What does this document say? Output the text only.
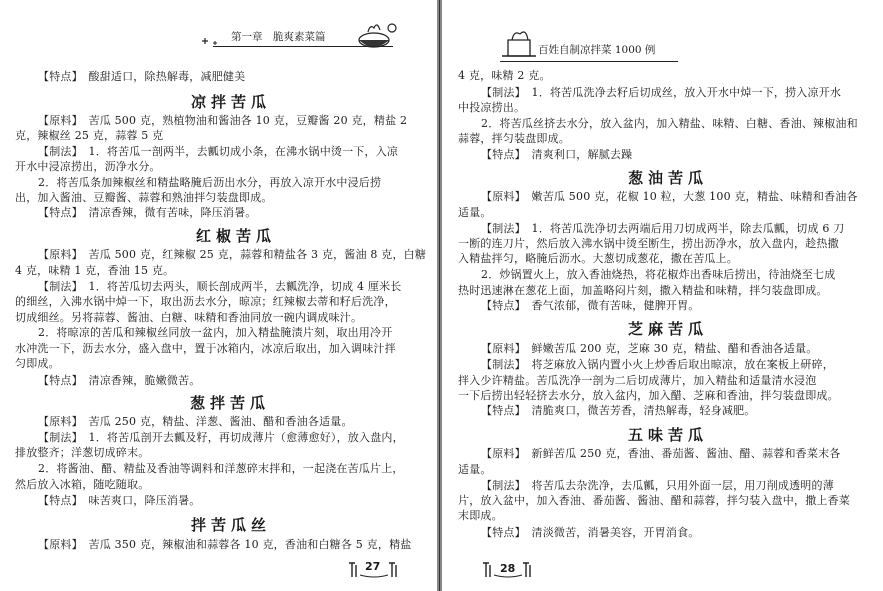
第一章　脆爽素菜篇
【特点】　酸甜适口，除热解毒，减肥健美
凉拌苦瓜
【原料】　苦瓜 500 克，熟植物油和酱油各 10 克，豆瓣酱 20 克，精盐 2
克，辣椒丝 25 克，蒜蓉 5 克
【制法】　1．将苦瓜一剖两半，去瓤切成小条，在沸水锅中烫一下，入凉
开水中浸凉捞出，沥净水分。
2．将苦瓜条加辣椒丝和精盐略腌后沥出水分，再放入凉开水中浸后捞
出，加入酱油、豆瓣酱、蒜蓉和熟油拌匀装盘即成。
【特点】　清凉香辣，微有苦味，降压消暑。
红椒苦瓜
【原料】　苦瓜 500 克，红辣椒 25 克，蒜蓉和精盐各 3 克，酱油 8 克，白糖
4 克，味精 1 克，香油 15 克。
【制法】　1．将苦瓜切去两头，顺长剖成两半，去瓤洗净，切成 4 厘米长
的细丝，入沸水锅中焯一下，取出沥去水分，晾凉；红辣椒去蒂和籽后洗净，
切成细丝。另将蒜蓉、酱油、白糖、味精和香油同放一碗内调成味汁。
2．将晾凉的苦瓜和辣椒丝同放一盆内，加入精盐腌渍片刻，取出用冷开
水冲洗一下，沥去水分，盛入盘中，置于冰箱内，冰凉后取出，加入调味汁拌
匀即成。
【特点】　清凉香辣，脆嫩微苦。
葱拌苦瓜
【原料】　苦瓜 250 克，精盐、洋葱、酱油、醋和香油各适量。
【制法】　1．将苦瓜剖开去瓤及籽，再切成薄片（愈薄愈好），放入盘内，
排放整齐；洋葱切成碎末。
2．将酱油、醋、精盐及香油等调料和洋葱碎末拌和，一起浇在苦瓜片上，
然后放入冰箱，随吃随取。
【特点】　味苦爽口，降压消暑。
拌苦瓜丝
【原料】　苦瓜 350 克，辣椒油和蒜蓉各 10 克，香油和白糖各 5 克，精盐
27
百姓自制凉拌菜 1000 例
4 克，味精 2 克。
【制法】　1．将苦瓜洗净去籽后切成丝，放入开水中焯一下，捞入凉开水
中投凉捞出。
2．将苦瓜丝挤去水分，放入盆内，加入精盐、味精、白糖、香油、辣椒油和
蒜蓉，拌匀装盘即成。
【特点】　清爽利口，解腻去躁
葱油苦瓜
【原料】　嫩苦瓜 500 克，花椒 10 粒，大葱 100 克，精盐、味精和香油各
适量。
【制法】　1．将苦瓜洗净切去两端后用刀切成两半，除去瓜瓤，切成 6 刀
一断的连刀片，然后放入沸水锅中烫至断生，捞出沥净水，放入盘内，趁热撒
入精盐拌匀，略腌后沥水。大葱切成葱花，撒在苦瓜上。
2．炒锅置火上，放入香油烧热，将花椒炸出香味后捞出，待油烧至七成
热时迅速淋在葱花上面，加盖略闷片刻，撒入精盐和味精，拌匀装盘即成。
【特点】　香气浓郁，微有苦味，健脾开胃。
芝麻苦瓜
【原料】　鲜嫩苦瓜 200 克，芝麻 30 克，精盐、醋和香油各适量。
【制法】　将芝麻放入锅内置小火上炒香后取出晾凉，放在案板上研碎，
拌入少许精盐。苦瓜洗净一剖为二后切成薄片，加入精盐和适量清水浸泡
一下后捞出轻轻挤去水分，放入盆内，加入醋、芝麻和香油，拌匀装盘即成。
【特点】　清脆爽口，微苦芳香，清热解毒，轻身减肥。
五味苦瓜
【原料】　新鲜苦瓜 250 克，香油、番茄酱、酱油、醋、蒜蓉和香菜末各
适量。
【制法】　将苦瓜去杂洗净，去瓜瓤，只用外面一层，用刀削成透明的薄
片，放入盆中，加入香油、番茄酱、酱油、醋和蒜蓉，拌匀装入盘中，撒上香菜
末即成。
【特点】　清淡微苦，消暑美容，开胃消食。
28
